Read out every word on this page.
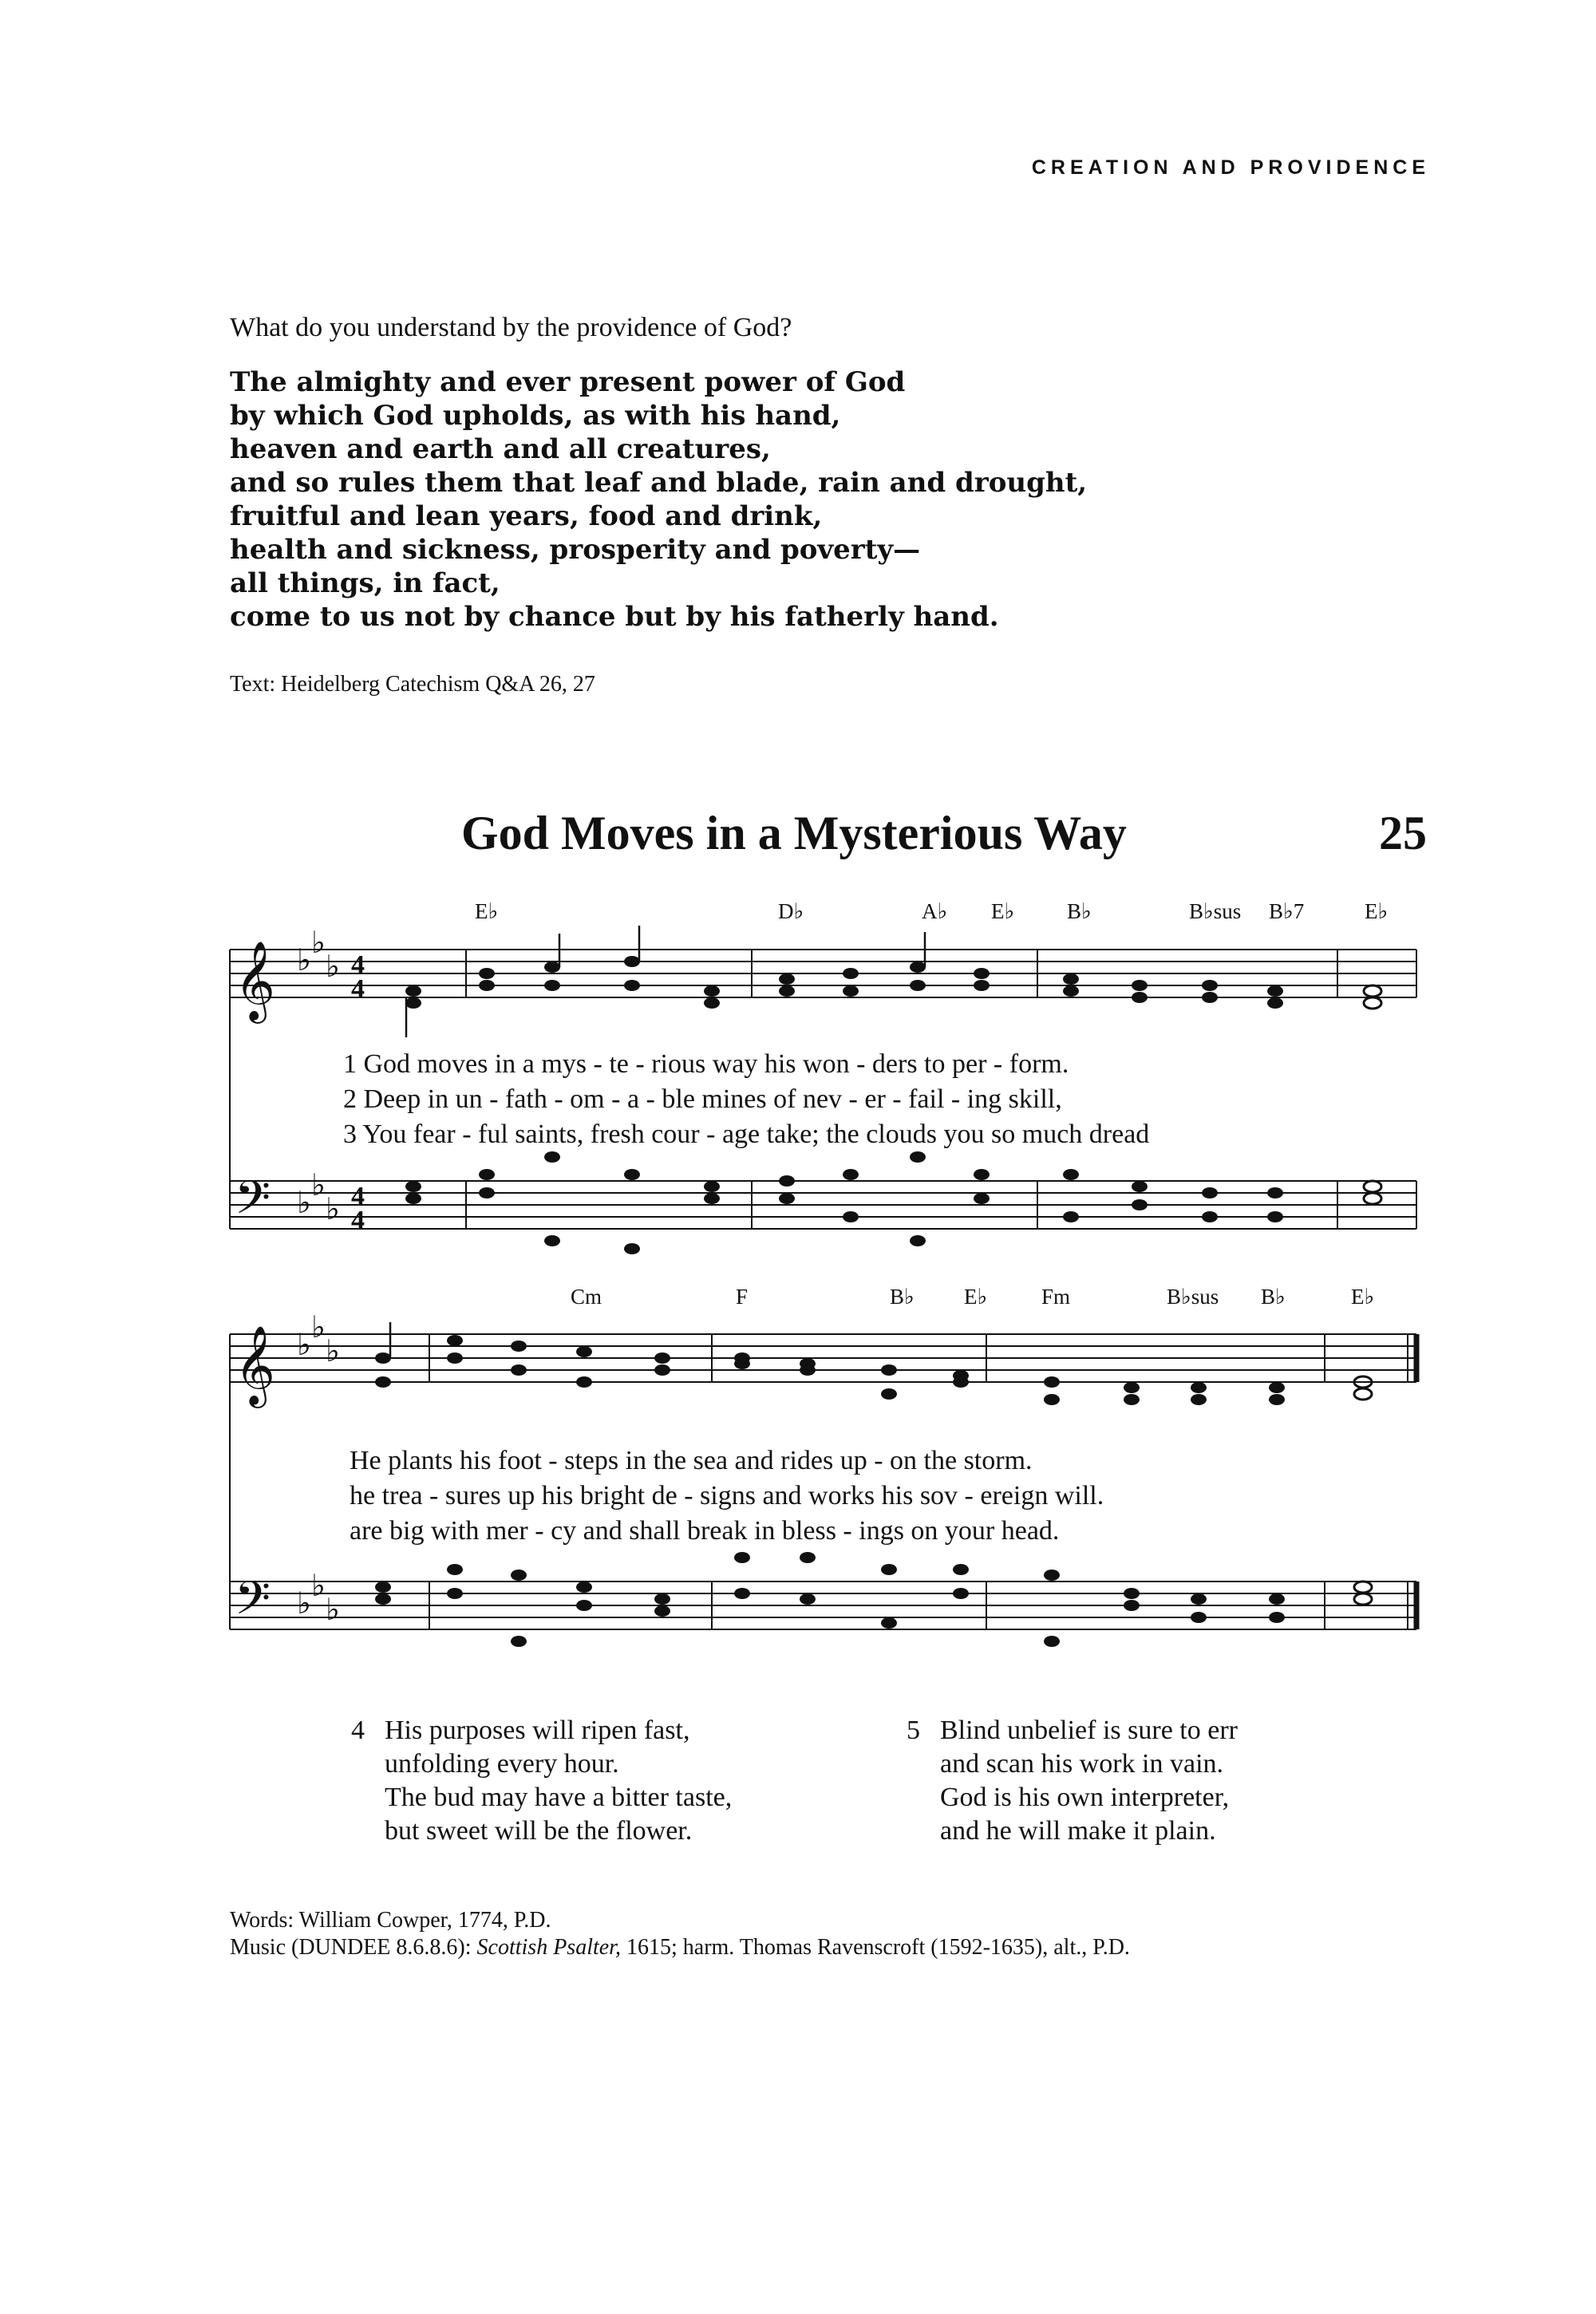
CREATION AND PROVIDENCE
What do you understand by the providence of God?
The almighty and ever present power of God
by which God upholds, as with his hand,
heaven and earth and all creatures,
and so rules them that leaf and blade, rain and drought,
fruitful and lean years, food and drink,
health and sickness, prosperity and poverty—
all things, in fact,
come to us not by chance but by his fatherly hand.
Text: Heidelberg Catechism Q&A 26, 27
God Moves in a Mysterious Way	25
E♭	D♭	A♭ E♭ B♭	B♭sus B♭7	E♭
𝄞
𝄢
♭ ♭
♭
♭ ♭
♭
4
4
4
4
1 God moves in a mys - te - rious way his won - ders to per - form.
2 Deep in un - fath - om - a - ble mines of nev - er - fail - ing skill,
3 You fear - ful saints, fresh cour - age take; the clouds you so much dread
Cm	F	B♭ E♭	Fm	B♭sus B♭	E♭
𝄞
𝄢
♭ ♭
♭
♭ ♭
♭
He plants his foot - steps in the sea and rides up - on the storm.
he trea - sures up his bright de - signs and works his sov - ereign will.
are big with mer - cy and shall break in bless - ings on your head.
4 His purposes will ripen fast,
unfolding every hour.
The bud may have a bitter taste,
but sweet will be the flower.
5 Blind unbelief is sure to err
and scan his work in vain.
God is his own interpreter,
and he will make it plain.
Words: William Cowper, 1774, P.D.
Music (DUNDEE 8.6.8.6): Scottish Psalter, 1615; harm. Thomas Ravenscroft (1592-1635), alt., P.D.
